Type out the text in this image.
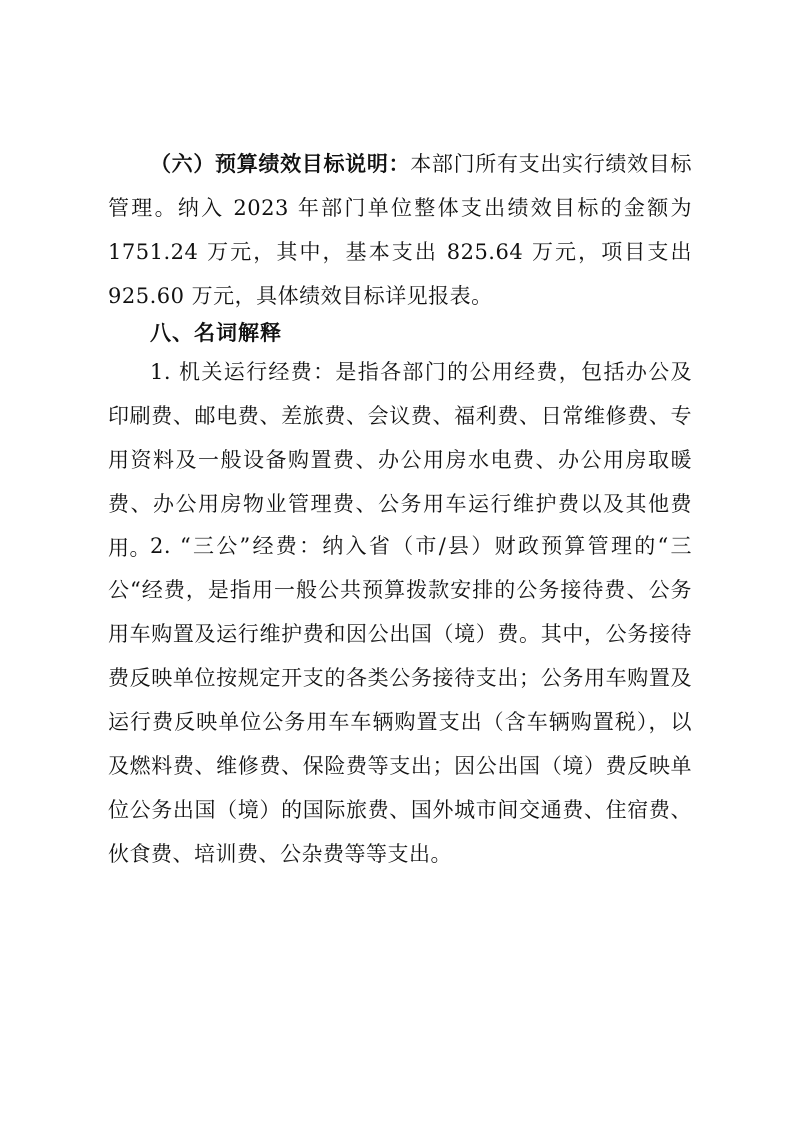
（六）预算绩效目标说明：本部门所有支出实行绩效目标管理。纳入 2023 年部门单位整体支出绩效目标的金额为 1751.24 万元，其中，基本支出 825.64 万元，项目支出 925.60 万元，具体绩效目标详见报表。

八、名词解释

1. 机关运行经费：是指各部门的公用经费，包括办公及印刷费、邮电费、差旅费、会议费、福利费、日常维修费、专用资料及一般设备购置费、办公用房水电费、办公用房取暖费、办公用房物业管理费、公务用车运行维护费以及其他费用。 2. “三公”经费：纳入省（市/县）财政预算管理的“三公“经费，是指用一般公共预算拨款安排的公务接待费、公务用车购置及运行维护费和因公出国（境）费。其中，公务接待费反映单位按规定开支的各类公务接待支出；公务用车购置及运行费反映单位公务用车车辆购置支出（含车辆购置税），以及燃料费、维修费、保险费等支出；因公出国（境）费反映单位公务出国（境）的国际旅费、国外城市间交通费、住宿费、伙食费、培训费、公杂费等等支出。
